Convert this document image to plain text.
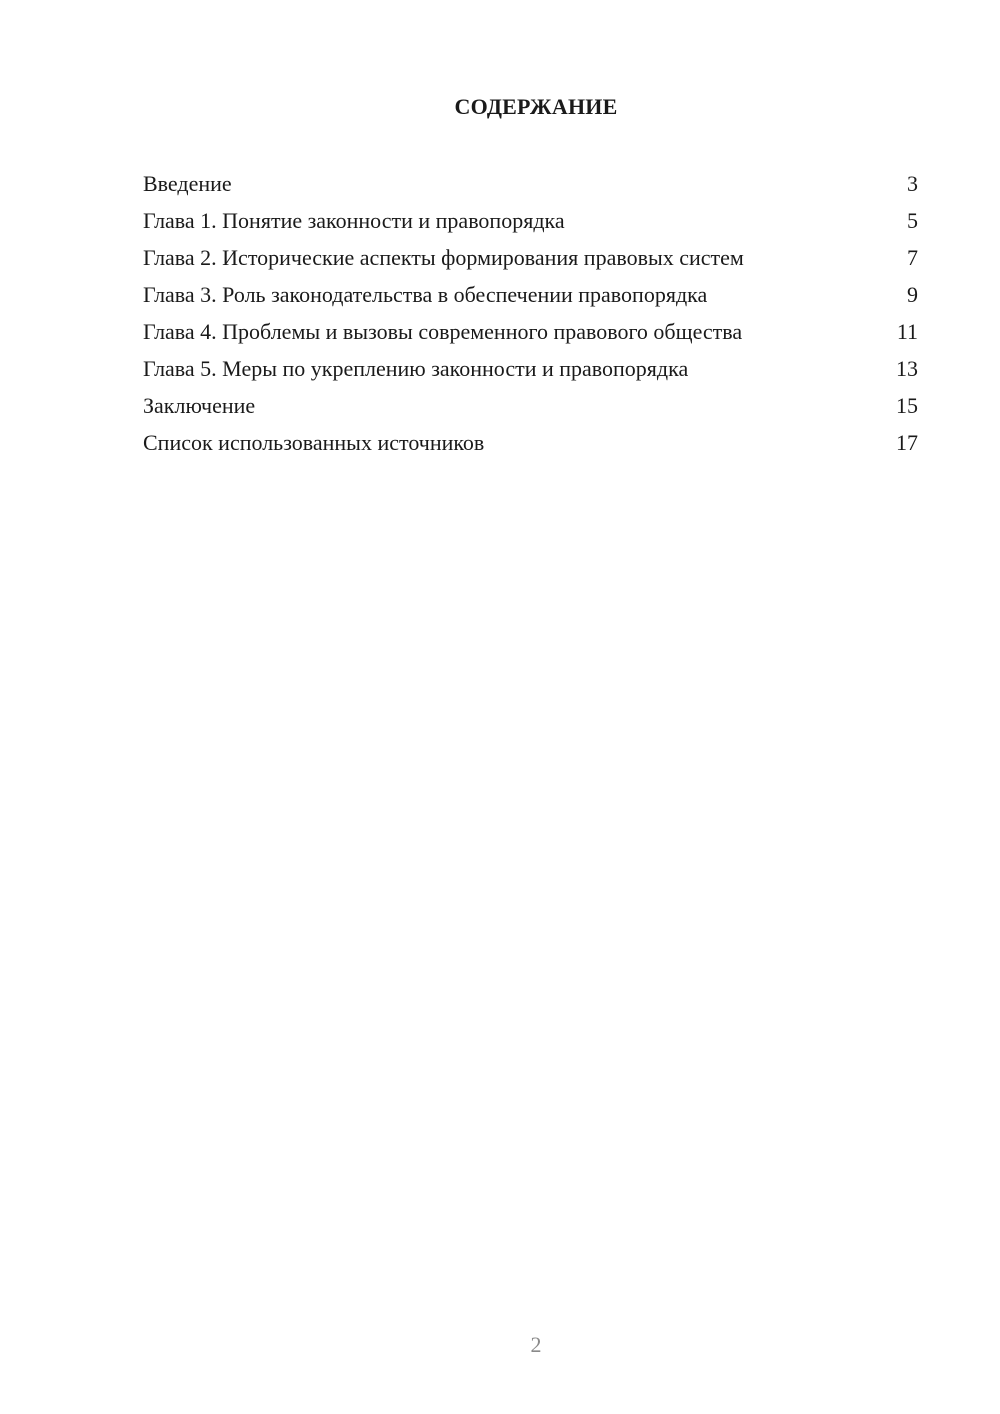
СОДЕРЖАНИЕ
Введение	3
Глава 1. Понятие законности и правопорядка	5
Глава 2. Исторические аспекты формирования правовых систем	7
Глава 3. Роль законодательства в обеспечении правопорядка	9
Глава 4. Проблемы и вызовы современного правового общества	11
Глава 5. Меры по укреплению законности и правопорядка	13
Заключение	15
Список использованных источников	17
2
